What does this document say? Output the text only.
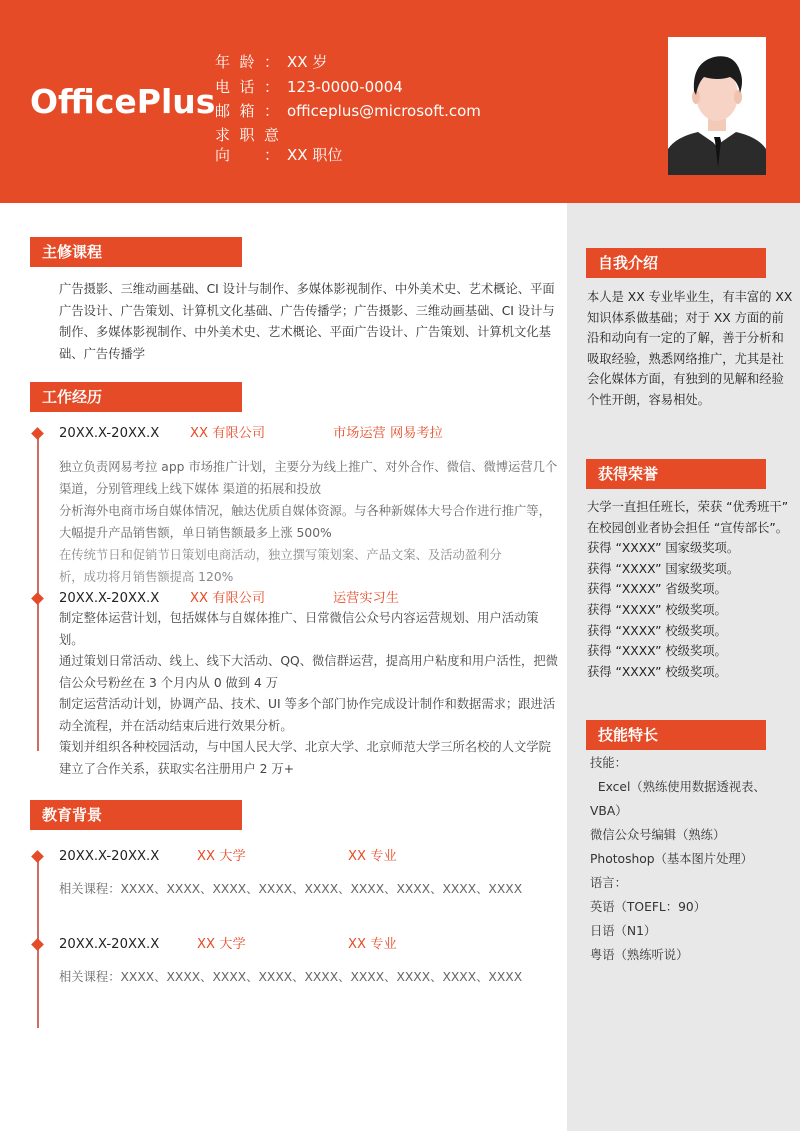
OfficePlus
年龄： XX 岁
电话： 123-0000-0004
邮箱： officeplus@microsoft.com
求职意向： XX 职位
主修课程
广告摄影、三维动画基础、CI 设计与制作、多媒体影视制作、中外美术史、艺术概论、平面
广告设计、广告策划、计算机文化基础、广告传播学；广告摄影、三维动画基础、CI 设计与
制作、多媒体影视制作、中外美术史、艺术概论、平面广告设计、广告策划、计算机文化基
础、广告传播学
工作经历
20XX.X-20XX.X XX 有限公司	市场运营 网易考拉
独立负责网易考拉 app 市场推广计划，主要分为线上推广、对外合作、微信、微博运营几个
渠道，分别管理线上线下媒体 渠道的拓展和投放
分析海外电商市场自媒体情况，触达优质自媒体资源。与各种新媒体大号合作进行推广等，
大幅提升产品销售额，单日销售额最多上涨 500%
在传统节日和促销节日策划电商活动，独立撰写策划案、产品文案、及活动盈利分
析，成功将月销售额提高 120%
20XX.X-20XX.X XX 有限公司	运营实习生
制定整体运营计划，包括媒体与自媒体推广、日常微信公众号内容运营规划、用户活动策划。
通过策划日常活动、线上、线下大活动、QQ、微信群运营，提高用户粘度和用户活性，把微
信公众号粉丝在 3 个月内从 0 做到 4 万
制定运营活动计划，协调产品、技术、UI 等多个部门协作完成设计制作和数据需求；跟进活
动全流程，并在活动结束后进行效果分析。
策划并组织各种校园活动，与中国人民大学、北京大学、北京师范大学三所名校的人文学院
建立了合作关系，获取实名注册用户 2 万+
教育背景
20XX.X-20XX.X	XX 大学	XX 专业
相关课程：XXXX、XXXX、XXXX、XXXX、XXXX、XXXX、XXXX、XXXX、XXXX
20XX.X-20XX.X	XX 大学	XX 专业
相关课程：XXXX、XXXX、XXXX、XXXX、XXXX、XXXX、XXXX、XXXX、XXXX
自我介绍
本人是 XX 专业毕业生，有丰富的 XX
知识体系做基础；对于 XX 方面的前
沿和动向有一定的了解，善于分析和
吸取经验，熟悉网络推广，尤其是社
会化媒体方面，有独到的见解和经验
个性开朗，容易相处。
获得荣誉
大学一直担任班长，荣获 “优秀班干”
在校园创业者协会担任 “宣传部长”。
获得 “XXXX” 国家级奖项。
获得 “XXXX” 国家级奖项。
获得 “XXXX” 省级奖项。
获得 “XXXX” 校级奖项。
获得 “XXXX” 校级奖项。
获得 “XXXX” 校级奖项。
获得 “XXXX” 校级奖项。
技能特长
技能：
Excel（熟练使用数据透视表、
VBA）
微信公众号编辑（熟练）
Photoshop（基本图片处理）
语言：
英语（TOEFL：90）
日语（N1）
粤语（熟练听说）
